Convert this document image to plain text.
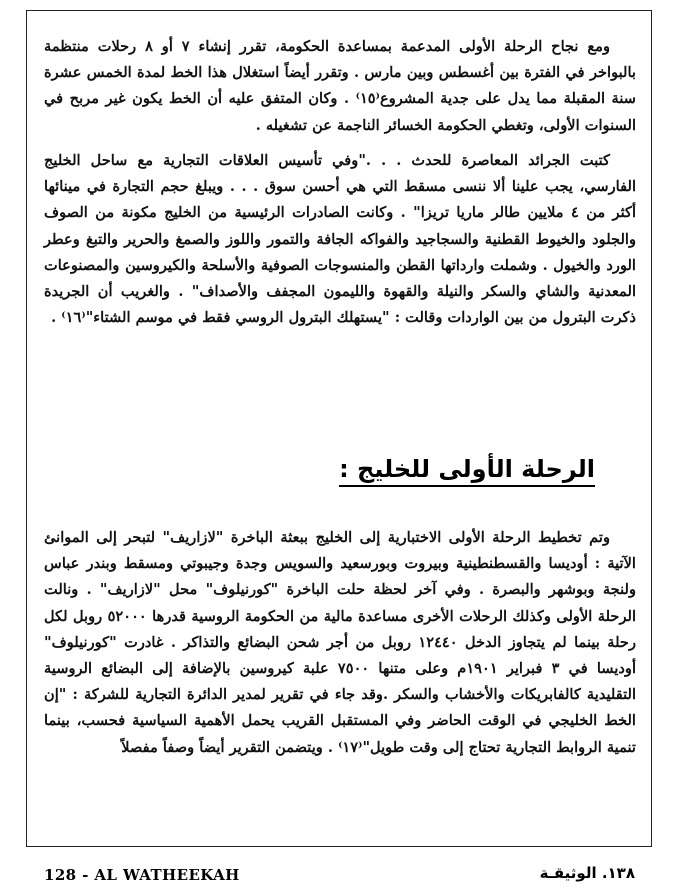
ومع نجاح الرحلة الأولى المدعمة بمساعدة الحكومة، تقرر إنشاء ٧ أو ٨ رحلات منتظمة بالبواخر في الفترة بين أغسطس وبين مارس . وتقرر أيضاً استغلال هذا الخط لمدة الخمس عشرة سنة المقبلة مما يدل على جدية المشروع⁽١٥⁾ . وكان المتفق عليه أن الخط يكون غير مربح في السنوات الأولى، وتغطي الحكومة الخسائر الناجمة عن تشغيله .

كتبت الجرائد المعاصرة للحدث . . ."وفي تأسيس العلاقات التجارية مع ساحل الخليج الفارسي، يجب علينا ألا ننسى مسقط التي هي أحسن سوق . . . ويبلغ حجم التجارة في مينائها أكثر من ٤ ملايين طالر ماريا تريزا" . وكانت الصادرات الرئيسية من الخليج مكونة من الصوف والجلود والخيوط القطنية والسجاجيد والفواكه الجافة والتمور واللوز والصمغ والحرير والتبغ وعطر الورد والخيول . وشملت وارداتها القطن والمنسوجات الصوفية والأسلحة والكيروسين والمصنوعات المعدنية والشاي والسكر والنيلة والقهوة والليمون المجفف والأصداف" . والغريب أن الجريدة ذكرت البترول من بين الواردات وقالت : "يستهلك البترول الروسي فقط في موسم الشتاء"⁽١٦⁾ .

الرحلة الأولى للخليج :

وتم تخطيط الرحلة الأولى الاختبارية إلى الخليج ببعثة الباخرة "لازاريف" لتبحر إلى الموانئ الآتية : أوديسا والقسطنطينية وبيروت وبورسعيد والسويس وجدة وجيبوتي ومسقط وبندر عباس ولنجة وبوشهر والبصرة . وفي آخر لحظة حلت الباخرة "كورنيلوف" محل "لازاريف" . ونالت الرحلة الأولى وكذلك الرحلات الأخرى مساعدة مالية من الحكومة الروسية قدرها ٥٢٠٠٠ روبل لكل رحلة بينما لم يتجاوز الدخل ١٢٤٤٠ روبل من أجر شحن البضائع والتذاكر . غادرت "كورنيلوف" أوديسا في ٣ فبراير ١٩٠١م وعلى متنها ٧٥٠٠ علبة كيروسين بالإضافة إلى البضائع الروسية التقليدية كالفابريكات والأخشاب والسكر .وقد جاء في تقرير لمدير الدائرة التجارية للشركة : "إن الخط الخليجي في الوقت الحاضر وفي المستقبل القريب يحمل الأهمية السياسية فحسب، بينما تنمية الروابط التجارية تحتاج إلى وقت طويل"⁽١٧⁾ . ويتضمن التقرير أيضاً وصفاً مفصلاً

128 - AL WATHEEKAH	١٣٨. الوثيقـة
